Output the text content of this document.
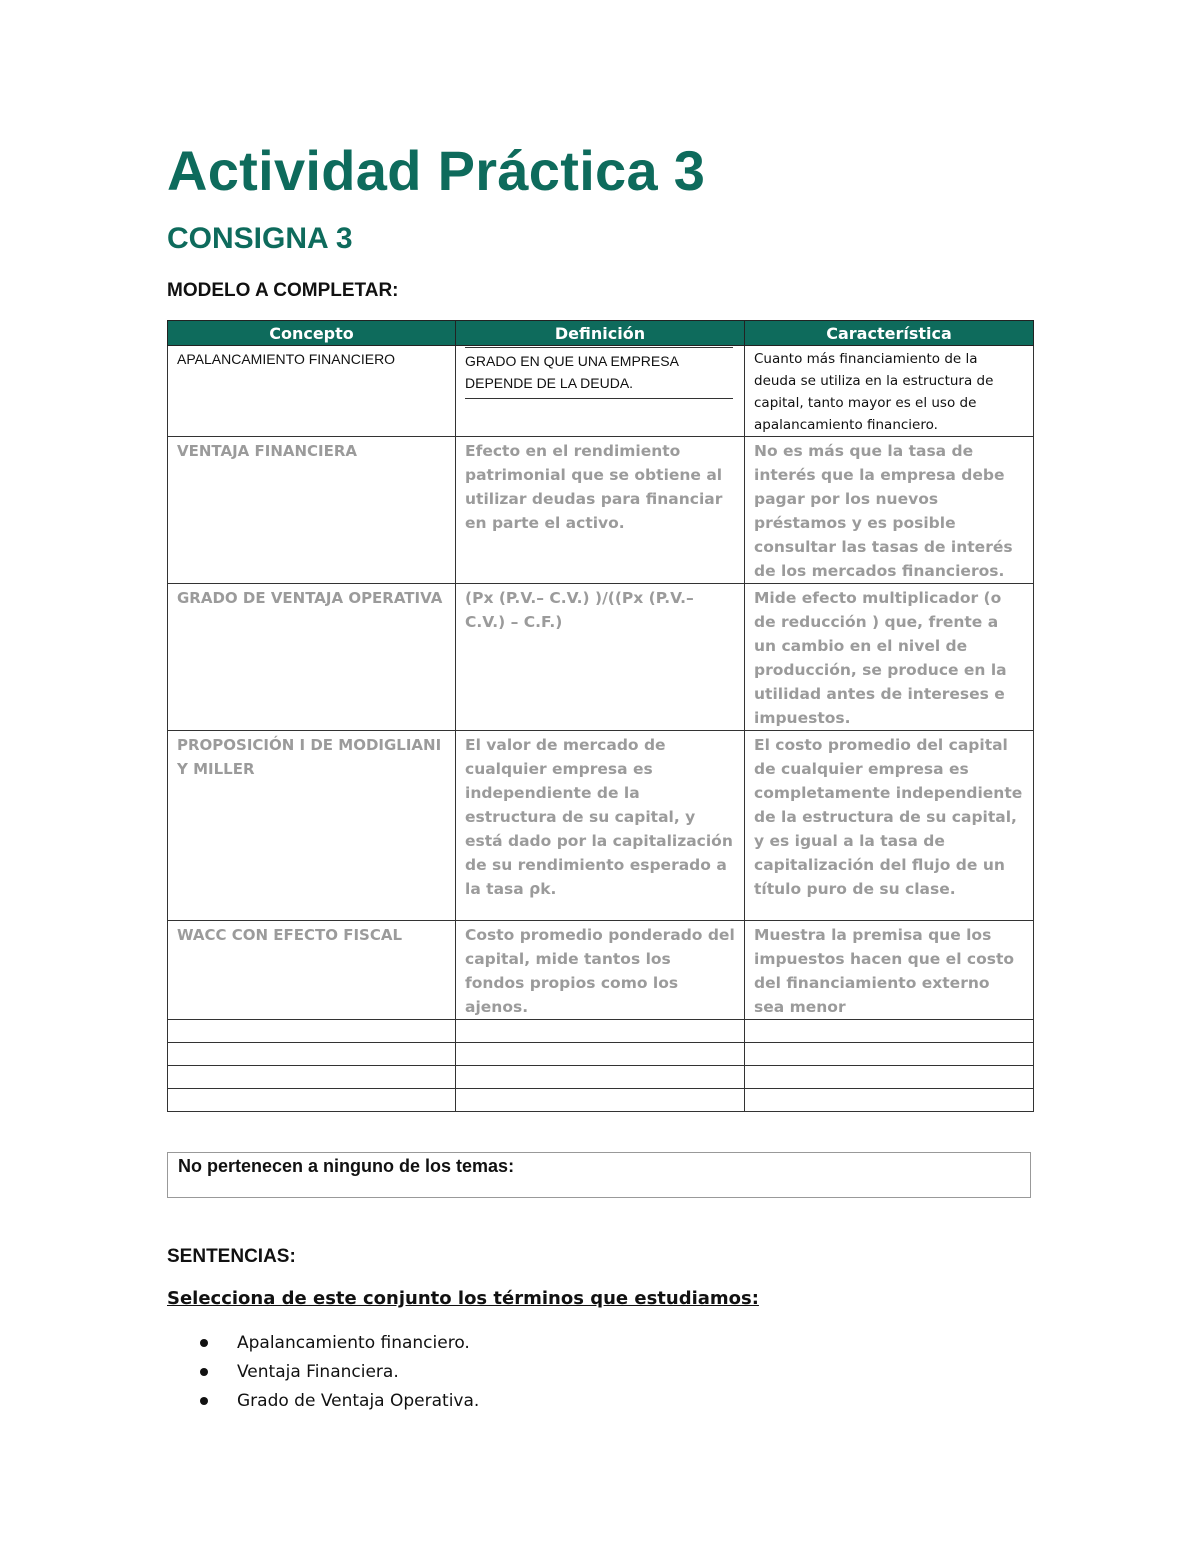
Actividad Práctica 3
CONSIGNA 3
MODELO A COMPLETAR:
Concepto	Definición	Característica
APALANCAMIENTO FINANCIERO	GRADO EN QUE UNA EMPRESA DEPENDE DE LA DEUDA.	Cuanto más financiamiento de la deuda se utiliza en la estructura de capital, tanto mayor es el uso de apalancamiento financiero.
VENTAJA FINANCIERA	Efecto en el rendimiento patrimonial que se obtiene al utilizar deudas para financiar en parte el activo.	No es más que la tasa de interés que la empresa debe pagar por los nuevos préstamos y es posible consultar las tasas de interés de los mercados financieros.
GRADO DE VENTAJA OPERATIVA	(Px (P.V.– C.V.) )/((Px (P.V.– C.V.) – C.F.)	Mide efecto multiplicador (o de reducción ) que, frente a un cambio en el nivel de producción, se produce en la utilidad antes de intereses e impuestos.
PROPOSICIÓN I DE MODIGLIANI Y MILLER	El valor de mercado de cualquier empresa es independiente de la estructura de su capital, y está dado por la capitalización de su rendimiento esperado a la tasa ρk.	El costo promedio del capital de cualquier empresa es completamente independiente de la estructura de su capital, y es igual a la tasa de capitalización del flujo de un título puro de su clase.
WACC CON EFECTO FISCAL	Costo promedio ponderado del capital, mide tantos los fondos propios como los ajenos.	Muestra la premisa que los impuestos hacen que el costo del financiamiento externo sea menor

No pertenecen a ninguno de los temas:
SENTENCIAS:
Selecciona de este conjunto los términos que estudiamos:
Apalancamiento financiero.
Ventaja Financiera.
Grado de Ventaja Operativa.
